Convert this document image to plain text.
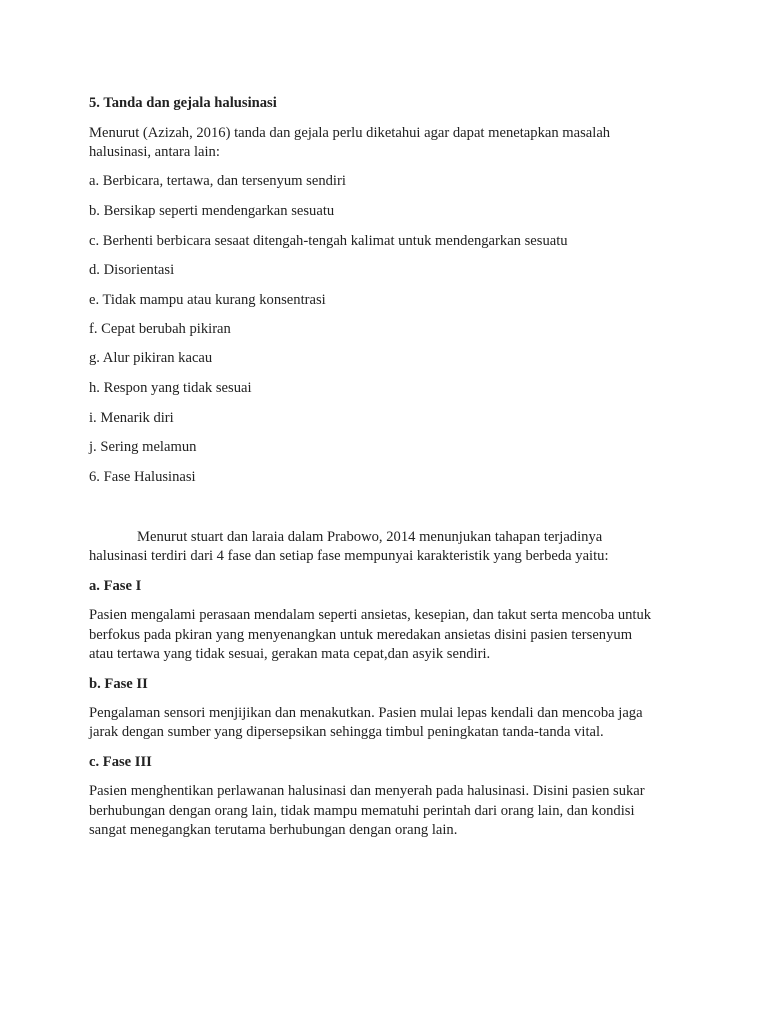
5. Tanda dan gejala halusinasi
Menurut (Azizah, 2016) tanda dan gejala perlu diketahui agar dapat menetapkan masalah
halusinasi, antara lain:
a. Berbicara, tertawa, dan tersenyum sendiri
b. Bersikap seperti mendengarkan sesuatu
c. Berhenti berbicara sesaat ditengah-tengah kalimat untuk mendengarkan sesuatu
d. Disorientasi
e. Tidak mampu atau kurang konsentrasi
f. Cepat berubah pikiran
g. Alur pikiran kacau
h. Respon yang tidak sesuai
i. Menarik diri
j. Sering melamun
6. Fase Halusinasi
Menurut stuart dan laraia dalam Prabowo, 2014 menunjukan tahapan terjadinya
halusinasi terdiri dari 4 fase dan setiap fase mempunyai karakteristik yang berbeda yaitu:
a. Fase I
Pasien mengalami perasaan mendalam seperti ansietas, kesepian, dan takut serta mencoba untuk
berfokus pada pkiran yang menyenangkan untuk meredakan ansietas disini pasien tersenyum
atau tertawa yang tidak sesuai, gerakan mata cepat,dan asyik sendiri.
b. Fase II
Pengalaman sensori menjijikan dan menakutkan. Pasien mulai lepas kendali dan mencoba jaga
jarak dengan sumber yang dipersepsikan sehingga timbul peningkatan tanda-tanda vital.
c. Fase III
Pasien menghentikan perlawanan halusinasi dan menyerah pada halusinasi. Disini pasien sukar
berhubungan dengan orang lain, tidak mampu mematuhi perintah dari orang lain, dan kondisi
sangat menegangkan terutama berhubungan dengan orang lain.
